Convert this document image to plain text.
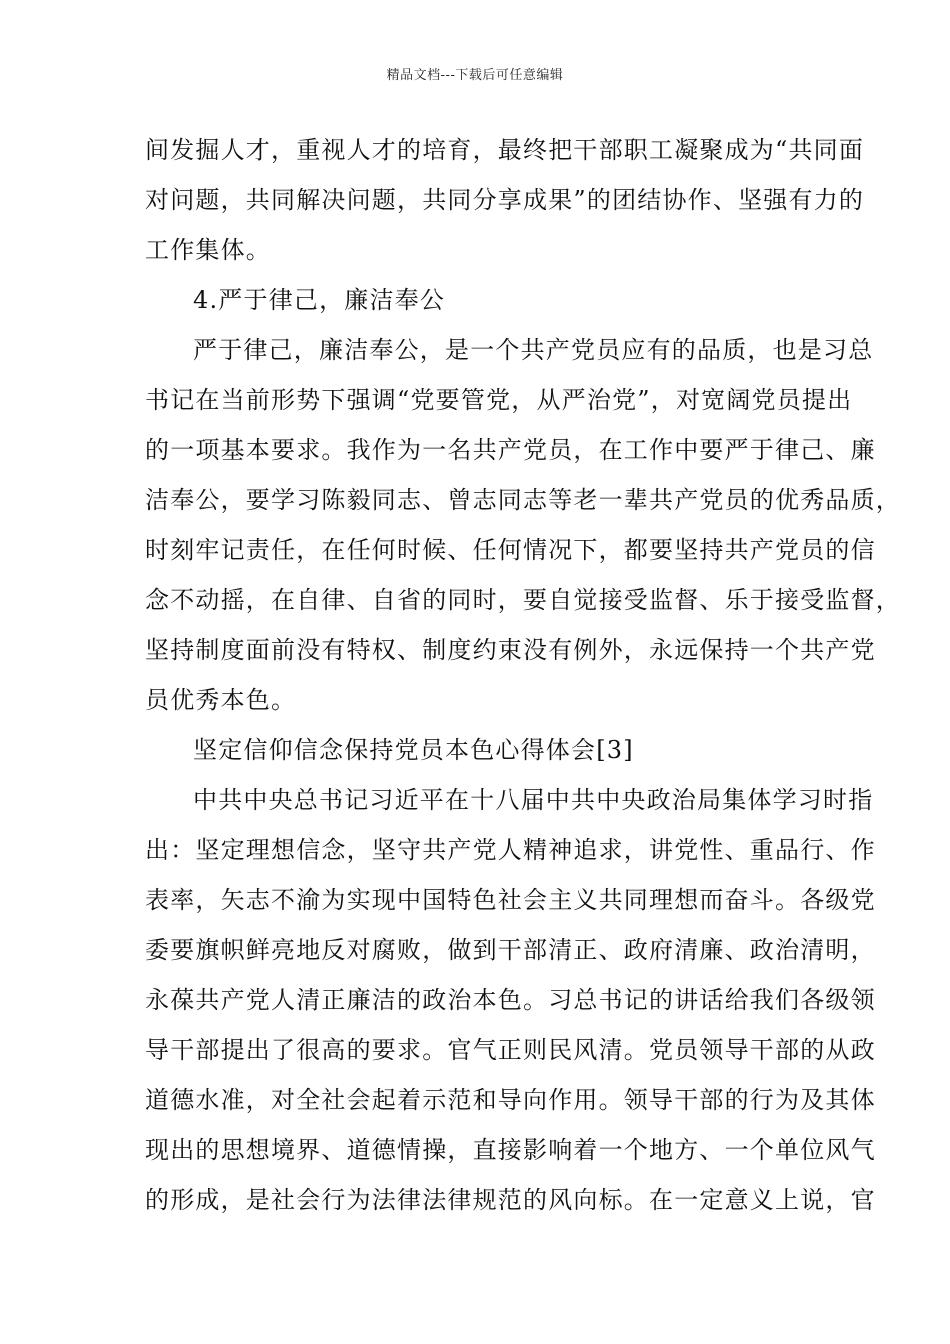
精品文档---下载后可任意编辑
间发掘人才，重视人才的培育，最终把干部职工凝聚成为“共同面
对问题，共同解决问题，共同分享成果”的团结协作、坚强有力的
工作集体。
4.严于律己，廉洁奉公
严于律己，廉洁奉公，是一个共产党员应有的品质，也是习总
书记在当前形势下强调“党要管党，从严治党”，对宽阔党员提出
的一项基本要求。我作为一名共产党员，在工作中要严于律己、廉
洁奉公，要学习陈毅同志、曾志同志等老一辈共产党员的优秀品质，
时刻牢记责任，在任何时候、任何情况下，都要坚持共产党员的信
念不动摇，在自律、自省的同时，要自觉接受监督、乐于接受监督，
坚持制度面前没有特权、制度约束没有例外，永远保持一个共产党
员优秀本色。
坚定信仰信念保持党员本色心得体会[3]
中共中央总书记习近平在十八届中共中央政治局集体学习时指
出：坚定理想信念，坚守共产党人精神追求，讲党性、重品行、作
表率，矢志不渝为实现中国特色社会主义共同理想而奋斗。各级党
委要旗帜鲜亮地反对腐败，做到干部清正、政府清廉、政治清明，
永葆共产党人清正廉洁的政治本色。习总书记的讲话给我们各级领
导干部提出了很高的要求。官气正则民风清。党员领导干部的从政
道德水准，对全社会起着示范和导向作用。领导干部的行为及其体
现出的思想境界、道德情操，直接影响着一个地方、一个单位风气
的形成，是社会行为法律法律规范的风向标。在一定意义上说，官
